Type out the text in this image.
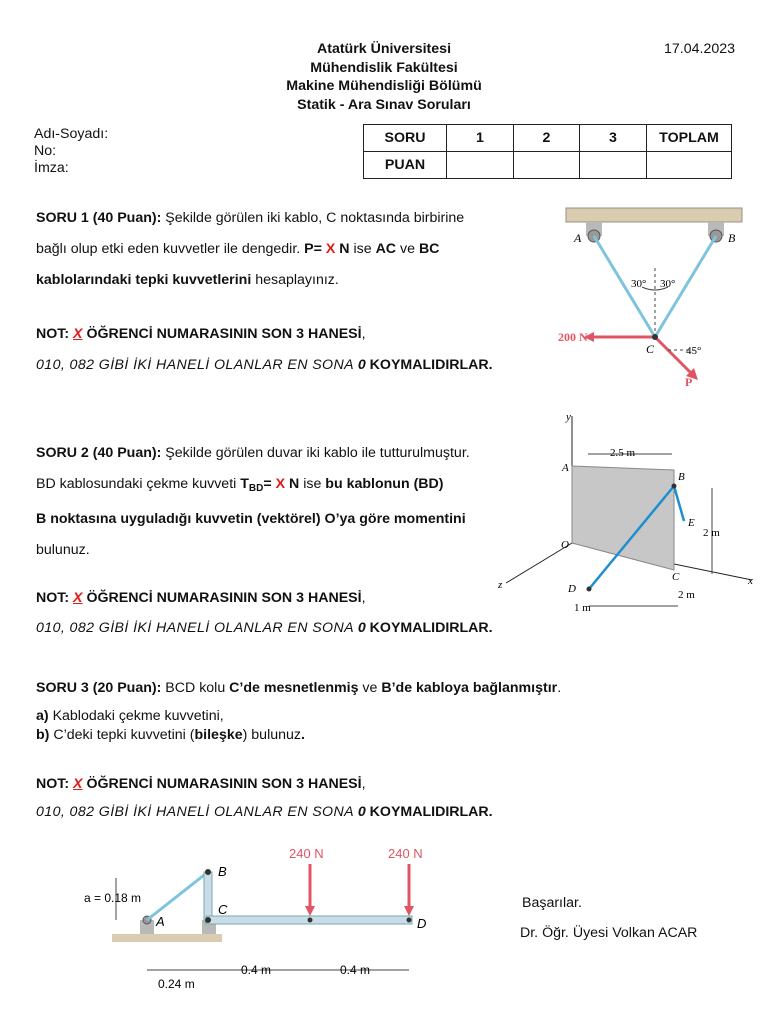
Atatürk Üniversitesi
Mühendislik Fakültesi
Makine Mühendisliği Bölümü
Statik - Ara Sınav Soruları
17.04.2023
Adı-Soyadı:
No:
İmza:
SORU	1	2	3	TOPLAM
PUAN				
SORU 1 (40 Puan): Şekilde görülen iki kablo, C noktasında birbirine
bağlı olup etki eden kuvvetler ile dengedir. P= X N ise AC ve BC
kablolarındaki tepki kuvvetlerini hesaplayınız.
NOT: X ÖĞRENCİ NUMARASININ SON 3 HANESİ,
010, 082 GİBİ İKİ HANELİ OLANLAR EN SONA 0 KOYMALIDIRLAR.
SORU 2 (40 Puan): Şekilde görülen duvar iki kablo ile tutturulmuştur.
BD kablosundaki çekme kuvveti $T_{BD}= X$ N ise bu kablonun (BD)
B noktasına uyguladığı kuvvetin (vektörel) O’ya göre momentini
bulunuz.
NOT: X ÖĞRENCİ NUMARASININ SON 3 HANESİ,
010, 082 GİBİ İKİ HANELİ OLANLAR EN SONA 0 KOYMALIDIRLAR.
SORU 3 (20 Puan): BCD kolu C’de mesnetlenmiş ve B’de kabloya bağlanmıştır.
a) Kablodaki çekme kuvvetini,
b) C’deki tepki kuvvetini (bileşke) bulunuz.
NOT: X ÖĞRENCİ NUMARASININ SON 3 HANESİ,
010, 082 GİBİ İKİ HANELİ OLANLAR EN SONA 0 KOYMALIDIRLAR.
Başarılar.
Dr. Öğr. Üyesi Volkan ACAR
A	B
C
P
200 N
30° 30°
45°
y
x
z
A
B
C
D
E
O
2.5 m
2 m
2 m
1 m
240 N	240 N
A
B
C
D
a = 0.18 m
0.24 m
0.4 m	0.4 m
